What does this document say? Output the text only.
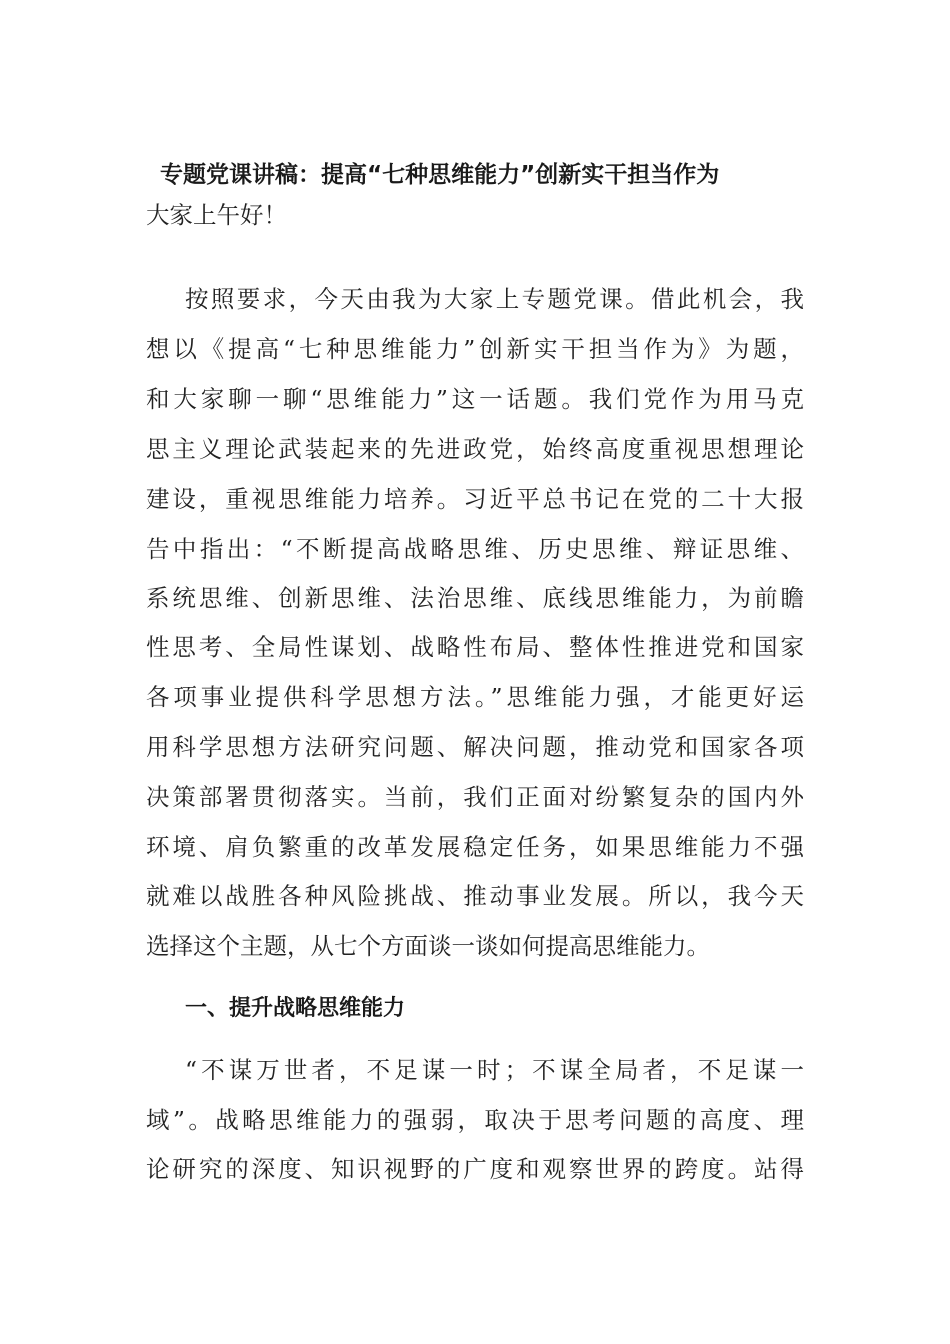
专题党课讲稿：提高“七种思维能力”创新实干担当作为
大家上午好！
按照要求，今天由我为大家上专题党课。借此机会，我
想以《提高“七种思维能力”创新实干担当作为》为题，
和大家聊一聊“思维能力”这一话题。我们党作为用马克
思主义理论武装起来的先进政党，始终高度重视思想理论
建设，重视思维能力培养。习近平总书记在党的二十大报
告中指出：“不断提高战略思维、历史思维、辩证思维、
系统思维、创新思维、法治思维、底线思维能力，为前瞻
性思考、全局性谋划、战略性布局、整体性推进党和国家
各项事业提供科学思想方法。”思维能力强，才能更好运
用科学思想方法研究问题、解决问题，推动党和国家各项
决策部署贯彻落实。当前，我们正面对纷繁复杂的国内外
环境、肩负繁重的改革发展稳定任务，如果思维能力不强
就难以战胜各种风险挑战、推动事业发展。所以，我今天
选择这个主题，从七个方面谈一谈如何提高思维能力。
一、提升战略思维能力
“不谋万世者，不足谋一时；不谋全局者，不足谋一
域”。战略思维能力的强弱，取决于思考问题的高度、理
论研究的深度、知识视野的广度和观察世界的跨度。站得
